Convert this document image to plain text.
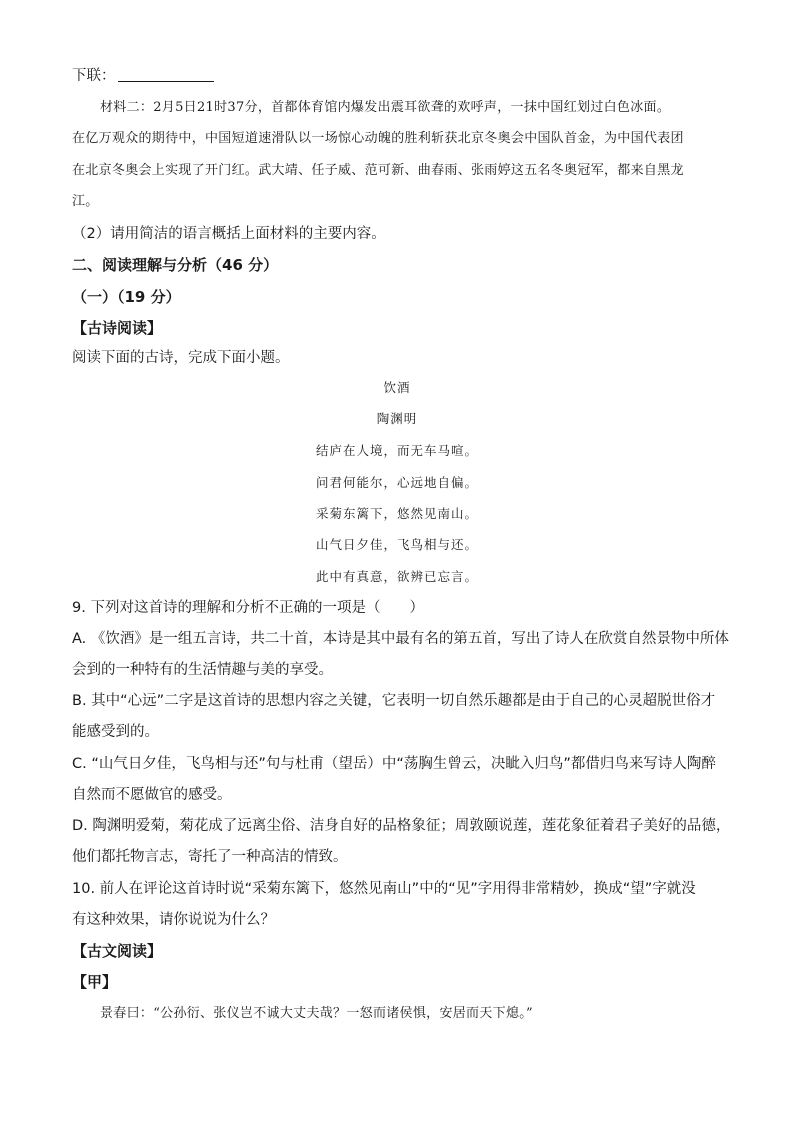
下联：
材料二：2月5日21时37分，首都体育馆内爆发出震耳欲聋的欢呼声，一抹中国红划过白色冰面。
在亿万观众的期待中，中国短道速滑队以一场惊心动魄的胜利斩获北京冬奥会中国队首金，为中国代表团
在北京冬奥会上实现了开门红。武大靖、任子威、范可新、曲春雨、张雨婷这五名冬奥冠军，都来自黑龙
江。
（2）请用简洁的语言概括上面材料的主要内容。
二、阅读理解与分析（46 分）
（一）（19 分）
【古诗阅读】
阅读下面的古诗，完成下面小题。
饮酒
陶渊明
结庐在人境，而无车马喧。
问君何能尔，心远地自偏。
采菊东篱下，悠然见南山。
山气日夕佳，飞鸟相与还。
此中有真意，欲辨已忘言。
9. 下列对这首诗的理解和分析不正确的一项是（　　）
A. 《饮酒》是一组五言诗，共二十首，本诗是其中最有名的第五首，写出了诗人在欣赏自然景物中所体
会到的一种特有的生活情趣与美的享受。
B. 其中“心远”二字是这首诗的思想内容之关键，它表明一切自然乐趣都是由于自己的心灵超脱世俗才
能感受到的。
C. “山气日夕佳，飞鸟相与还”句与杜甫（望岳）中“荡胸生曾云，决眦入归鸟”都借归鸟来写诗人陶醉
自然而不愿做官的感受。
D. 陶渊明爱菊，菊花成了远离尘俗、洁身自好的品格象征；周敦颐说莲，莲花象征着君子美好的品德，
他们都托物言志，寄托了一种高洁的情致。
10. 前人在评论这首诗时说“采菊东篱下，悠然见南山”中的“见”字用得非常精妙，换成“望”字就没
有这种效果，请你说说为什么？
【古文阅读】
【甲】
景春曰：“公孙衍、张仪岂不诚大丈夫哉？一怒而诸侯惧，安居而天下熄。”
